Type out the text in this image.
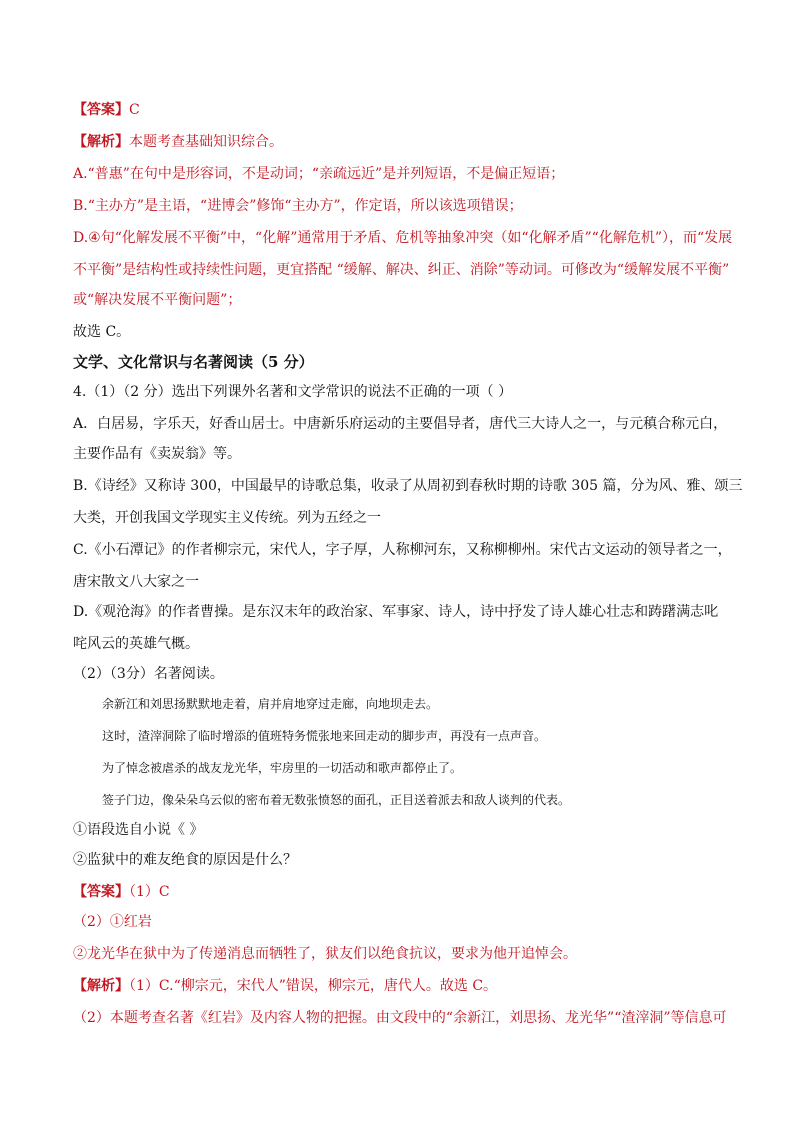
【答案】C
【解析】本题考查基础知识综合。
A.“普惠”在句中是形容词，不是动词；“亲疏远近”是并列短语，不是偏正短语；
B.“主办方”是主语，“进博会”修饰“主办方”，作定语，所以该选项错误；
D.④句“化解发展不平衡”中，“化解”通常用于矛盾、危机等抽象冲突（如“化解矛盾”“化解危机”），而“发展
不平衡”是结构性或持续性问题，更宜搭配 “缓解、解决、纠正、消除”等动词。可修改为“缓解发展不平衡”
或“解决发展不平衡问题”；
故选 C。
文学、文化常识与名著阅读（5 分）
4.（1）（2 分）选出下列课外名著和文学常识的说法不正确的一项（ ）
A．白居易，字乐天，好香山居士。中唐新乐府运动的主要倡导者，唐代三大诗人之一，与元稹合称元白，
主要作品有《卖炭翁》等。
B.《诗经》又称诗 300，中国最早的诗歌总集，收录了从周初到春秋时期的诗歌 305 篇，分为风、雅、颂三
大类，开创我国文学现实主义传统。列为五经之一
C.《小石潭记》的作者柳宗元，宋代人，字子厚，人称柳河东，又称柳柳州。宋代古文运动的领导者之一，
唐宋散文八大家之一
D.《观沧海》的作者曹操。是东汉末年的政治家、军事家、诗人，诗中抒发了诗人雄心壮志和踌躇满志叱
咤风云的英雄气概。
（2）（3分）名著阅读。
余新江和刘思扬默默地走着，肩并肩地穿过走廊，向地坝走去。
这时，渣滓洞除了临时增添的值班特务慌张地来回走动的脚步声，再没有一点声音。
为了悼念被虐杀的战友龙光华，牢房里的一切活动和歌声都停止了。
签子门边，像朵朵乌云似的密布着无数张愤怒的面孔，正目送着派去和敌人谈判的代表。
①语段选自小说《 》
②监狱中的难友绝食的原因是什么？
【答案】（1）C
（2）①红岩
②龙光华在狱中为了传递消息而牺牲了，狱友们以绝食抗议，要求为他开追悼会。
【解析】（1）C.“柳宗元，宋代人”错误，柳宗元，唐代人。故选 C。
（2）本题考查名著《红岩》及内容人物的把握。由文段中的“余新江，刘思扬、龙光华”“渣滓洞”等信息可
